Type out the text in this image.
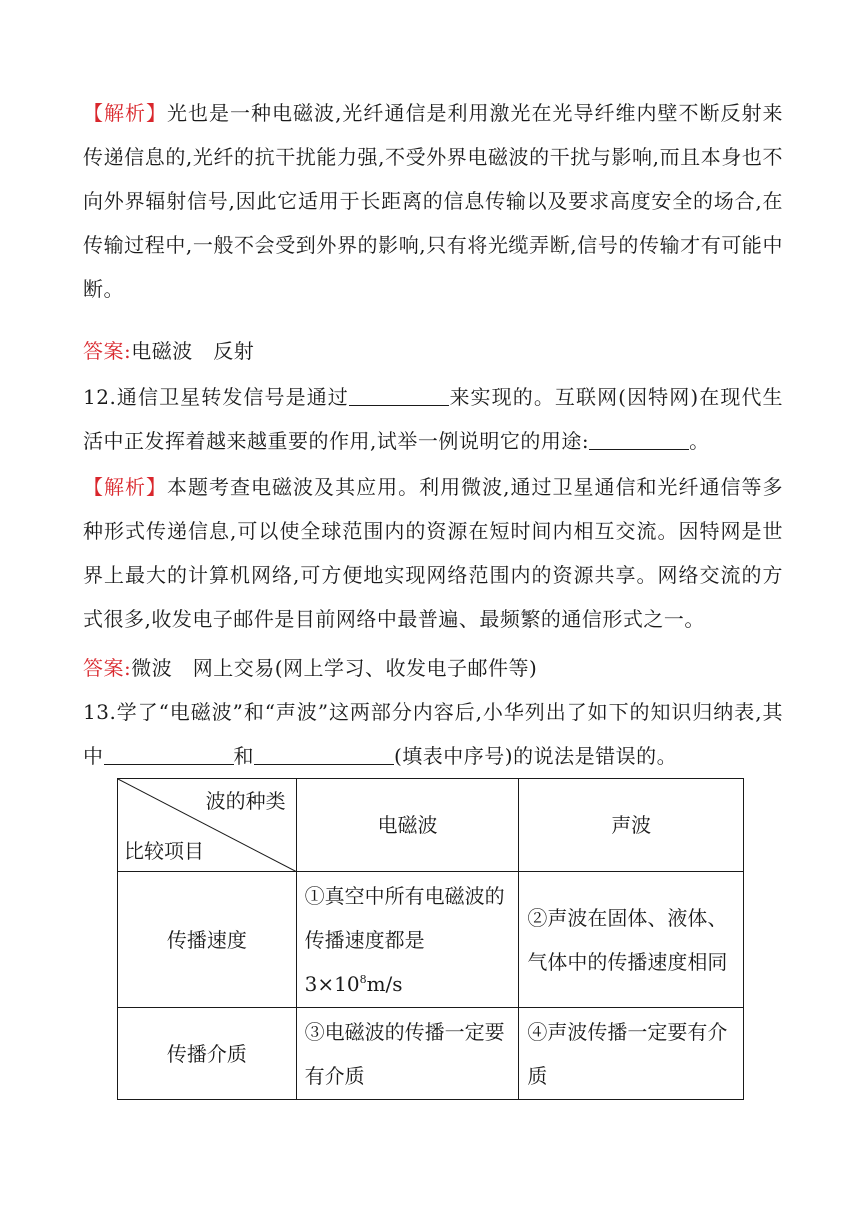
【解析】光也是一种电磁波,光纤通信是利用激光在光导纤维内壁不断反射来传递信息的,光纤的抗干扰能力强,不受外界电磁波的干扰与影响,而且本身也不向外界辐射信号,因此它适用于长距离的信息传输以及要求高度安全的场合,在传输过程中,一般不会受到外界的影响,只有将光缆弄断,信号的传输才有可能中断。
答案:电磁波　反射
12.通信卫星转发信号是通过	来实现的。互联网(因特网)在现代生活中正发挥着越来越重要的作用,试举一例说明它的用途:	。
【解析】本题考查电磁波及其应用。利用微波,通过卫星通信和光纤通信等多种形式传递信息,可以使全球范围内的资源在短时间内相互交流。因特网是世界上最大的计算机网络,可方便地实现网络范围内的资源共享。网络交流的方式很多,收发电子邮件是目前网络中最普遍、最频繁的通信形式之一。
答案:微波　网上交易(网上学习、收发电子邮件等)
13.学了“电磁波”和“声波”这两部分内容后,小华列出了如下的知识归纳表,其中	和	(填表中序号)的说法是错误的。
波的种类
比较项目	电磁波	声波
传播速度	①真空中所有电磁波的传播速度都是 $3\times 10^8m/s$	②声波在固体、液体、气体中的传播速度相同
传播介质	③电磁波的传播一定要有介质	④声波传播一定要有介质
